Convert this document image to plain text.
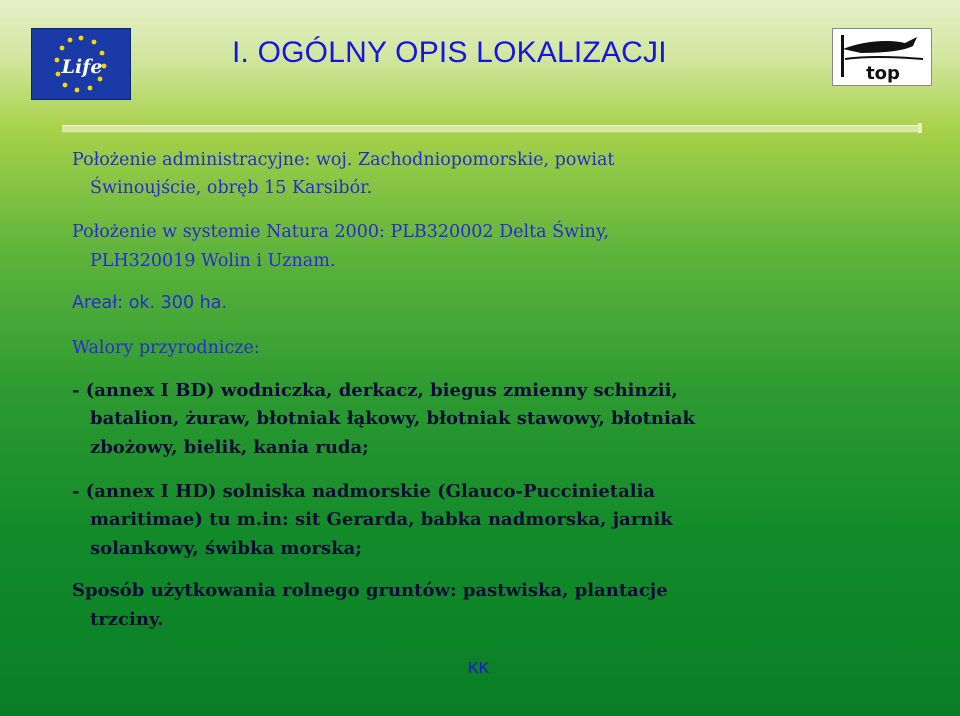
Life	top
I. OGÓLNY OPIS LOKALIZACJI

Położenie administracyjne: woj. Zachodniopomorskie, powiat

Świnoujście, obręb 15 Karsibór.

Położenie w systemie Natura 2000: PLB320002 Delta Świny,

PLH320019 Wolin i Uznam.

Areał: ok. 300 ha.

Walory przyrodnicze:

- (annex I BD) wodniczka, derkacz, biegus zmienny schinzii,

batalion, żuraw, błotniak łąkowy, błotniak stawowy, błotniak

zbożowy, bielik, kania ruda;

- (annex I HD) solniska nadmorskie (Glauco-Puccinietalia

maritimae) tu m.in: sit Gerarda, babka nadmorska, jarnik

solankowy, świbka morska;

Sposób użytkowania rolnego gruntów: pastwiska, plantacje

trzciny.

KK
